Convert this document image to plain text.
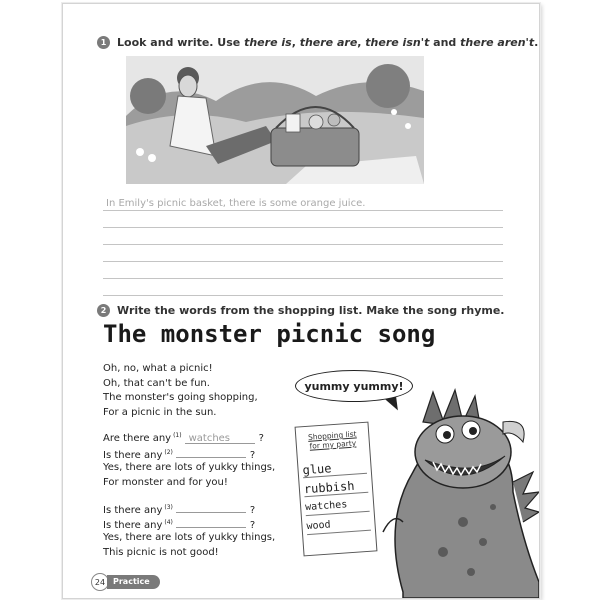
1 Look and write. Use there is , there are , there isn't and there aren't .
In Emily's picnic basket, there is some orange juice.
2 Write the words from the shopping list. Make the song rhyme.
The monster picnic song
Oh, no, what a picnic!
Oh, that can't be fun.
The monster's going shopping,
For a picnic in the sun.
Are there any (1) watches	?
Is there any (2)	?
Yes, there are lots of yukky things,
For monster and for you!
Is there any (3)	?
Is there any (4)	?
Yes, there are lots of yukky things,
This picnic is not good!
yummy yummy!
Shopping list
for my party
glue
rubbish
watches
wood
24 Practice
